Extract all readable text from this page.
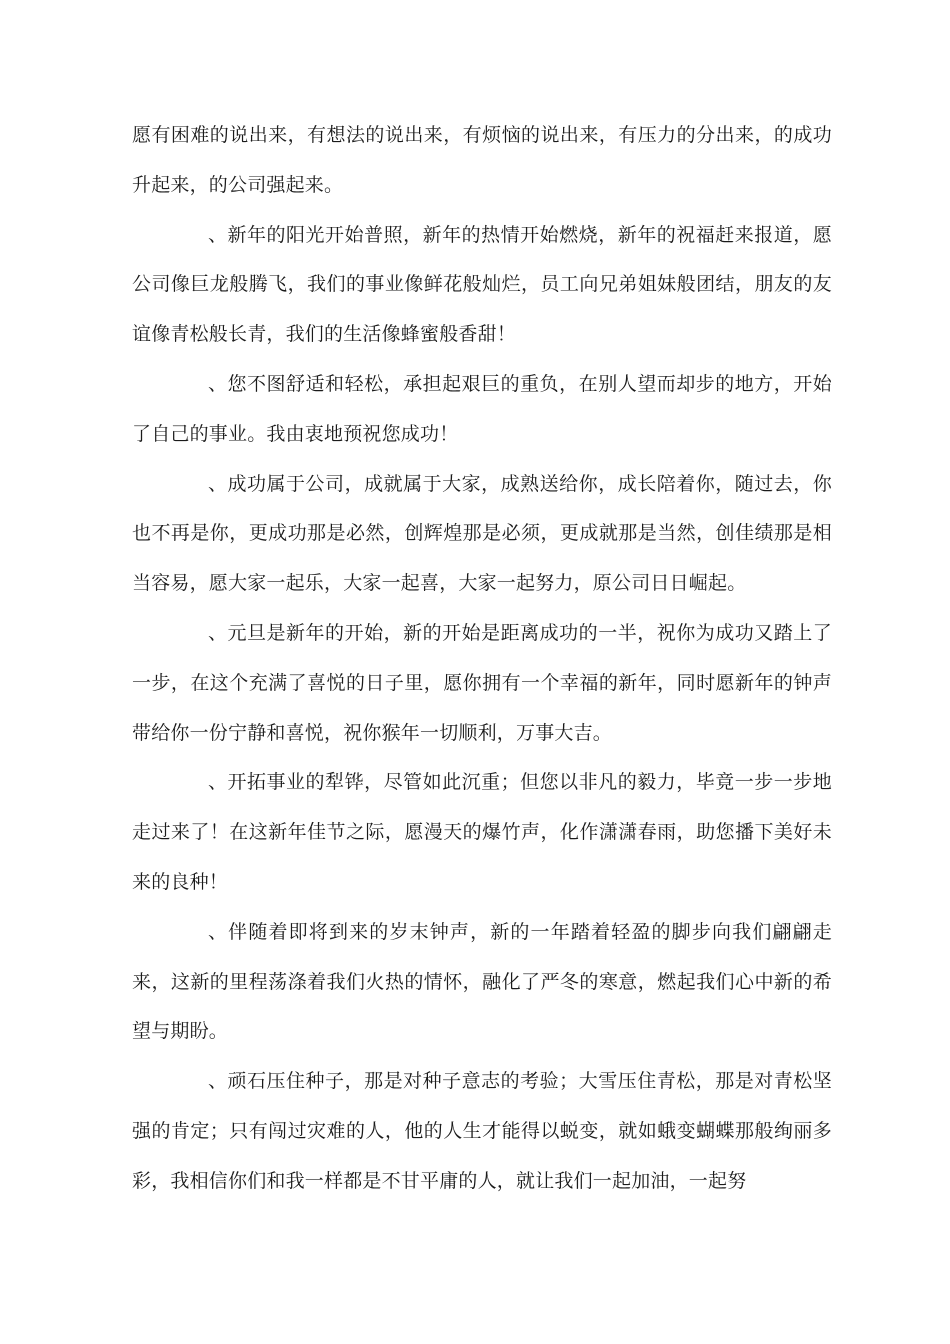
愿有困难的说出来，有想法的说出来，有烦恼的说出来，有压力的分出来，的成功升起来，的公司强起来。

、新年的阳光开始普照，新年的热情开始燃烧，新年的祝福赶来报道，愿公司像巨龙般腾飞，我们的事业像鲜花般灿烂，员工向兄弟姐妹般团结，朋友的友谊像青松般长青，我们的生活像蜂蜜般香甜！

、您不图舒适和轻松，承担起艰巨的重负，在别人望而却步的地方，开始了自己的事业。我由衷地预祝您成功！

、成功属于公司，成就属于大家，成熟送给你，成长陪着你，随过去，你也不再是你，更成功那是必然，创辉煌那是必须，更成就那是当然，创佳绩那是相当容易，愿大家一起乐，大家一起喜，大家一起努力，原公司日日崛起。

、元旦是新年的开始，新的开始是距离成功的一半，祝你为成功又踏上了一步，在这个充满了喜悦的日子里，愿你拥有一个幸福的新年，同时愿新年的钟声带给你一份宁静和喜悦，祝你猴年一切顺利，万事大吉。

、开拓事业的犁铧，尽管如此沉重；但您以非凡的毅力，毕竟一步一步地走过来了！在这新年佳节之际，愿漫天的爆竹声，化作潇潇春雨，助您播下美好未来的良种！

、伴随着即将到来的岁末钟声，新的一年踏着轻盈的脚步向我们翩翩走来，这新的里程荡涤着我们火热的情怀，融化了严冬的寒意，燃起我们心中新的希望与期盼。

、顽石压住种子，那是对种子意志的考验；大雪压住青松，那是对青松坚强的肯定；只有闯过灾难的人，他的人生才能得以蜕变，就如蛾变蝴蝶那般绚丽多彩，我相信你们和我一样都是不甘平庸的人，就让我们一起加油，一起努
